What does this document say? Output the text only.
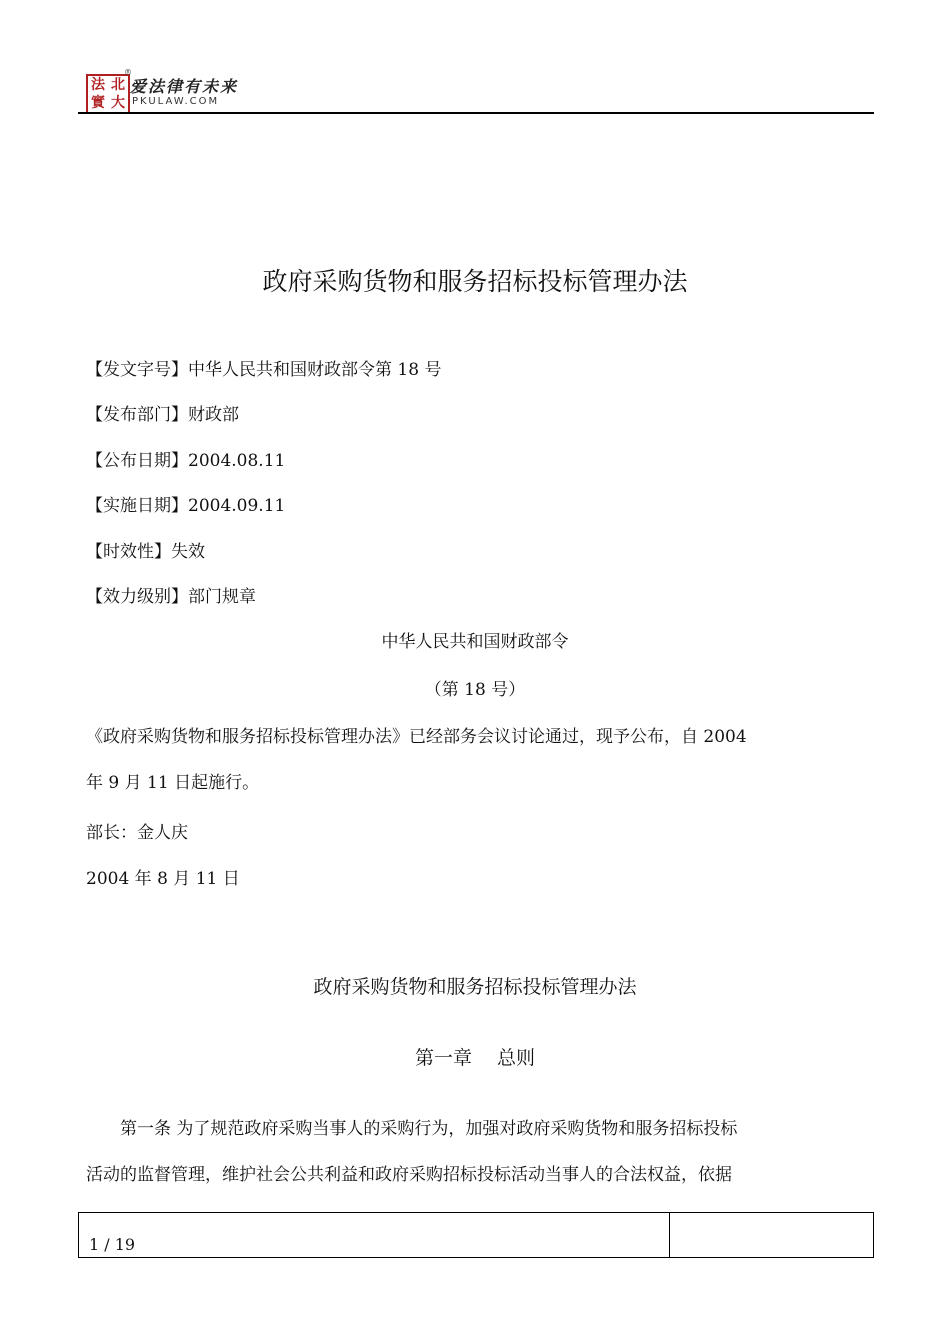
法 北
實 大
®
爱法律有未来
PKULAW.COM
政府采购货物和服务招标投标管理办法
【发文字号】中华人民共和国财政部令第 18 号
【发布部门】财政部
【公布日期】2004.08.11
【实施日期】2004.09.11
【时效性】失效
【效力级别】部门规章
中华人民共和国财政部令
（第 18 号）
《政府采购货物和服务招标投标管理办法》已经部务会议讨论通过，现予公布，自 2004
年 9 月 11 日起施行。
部长：金人庆
2004 年 8 月 11 日
政府采购货物和服务招标投标管理办法
第一章　 总则
　　第一条 为了规范政府采购当事人的采购行为，加强对政府采购货物和服务招标投标
活动的监督管理，维护社会公共利益和政府采购招标投标活动当事人的合法权益，依据
1 / 19
